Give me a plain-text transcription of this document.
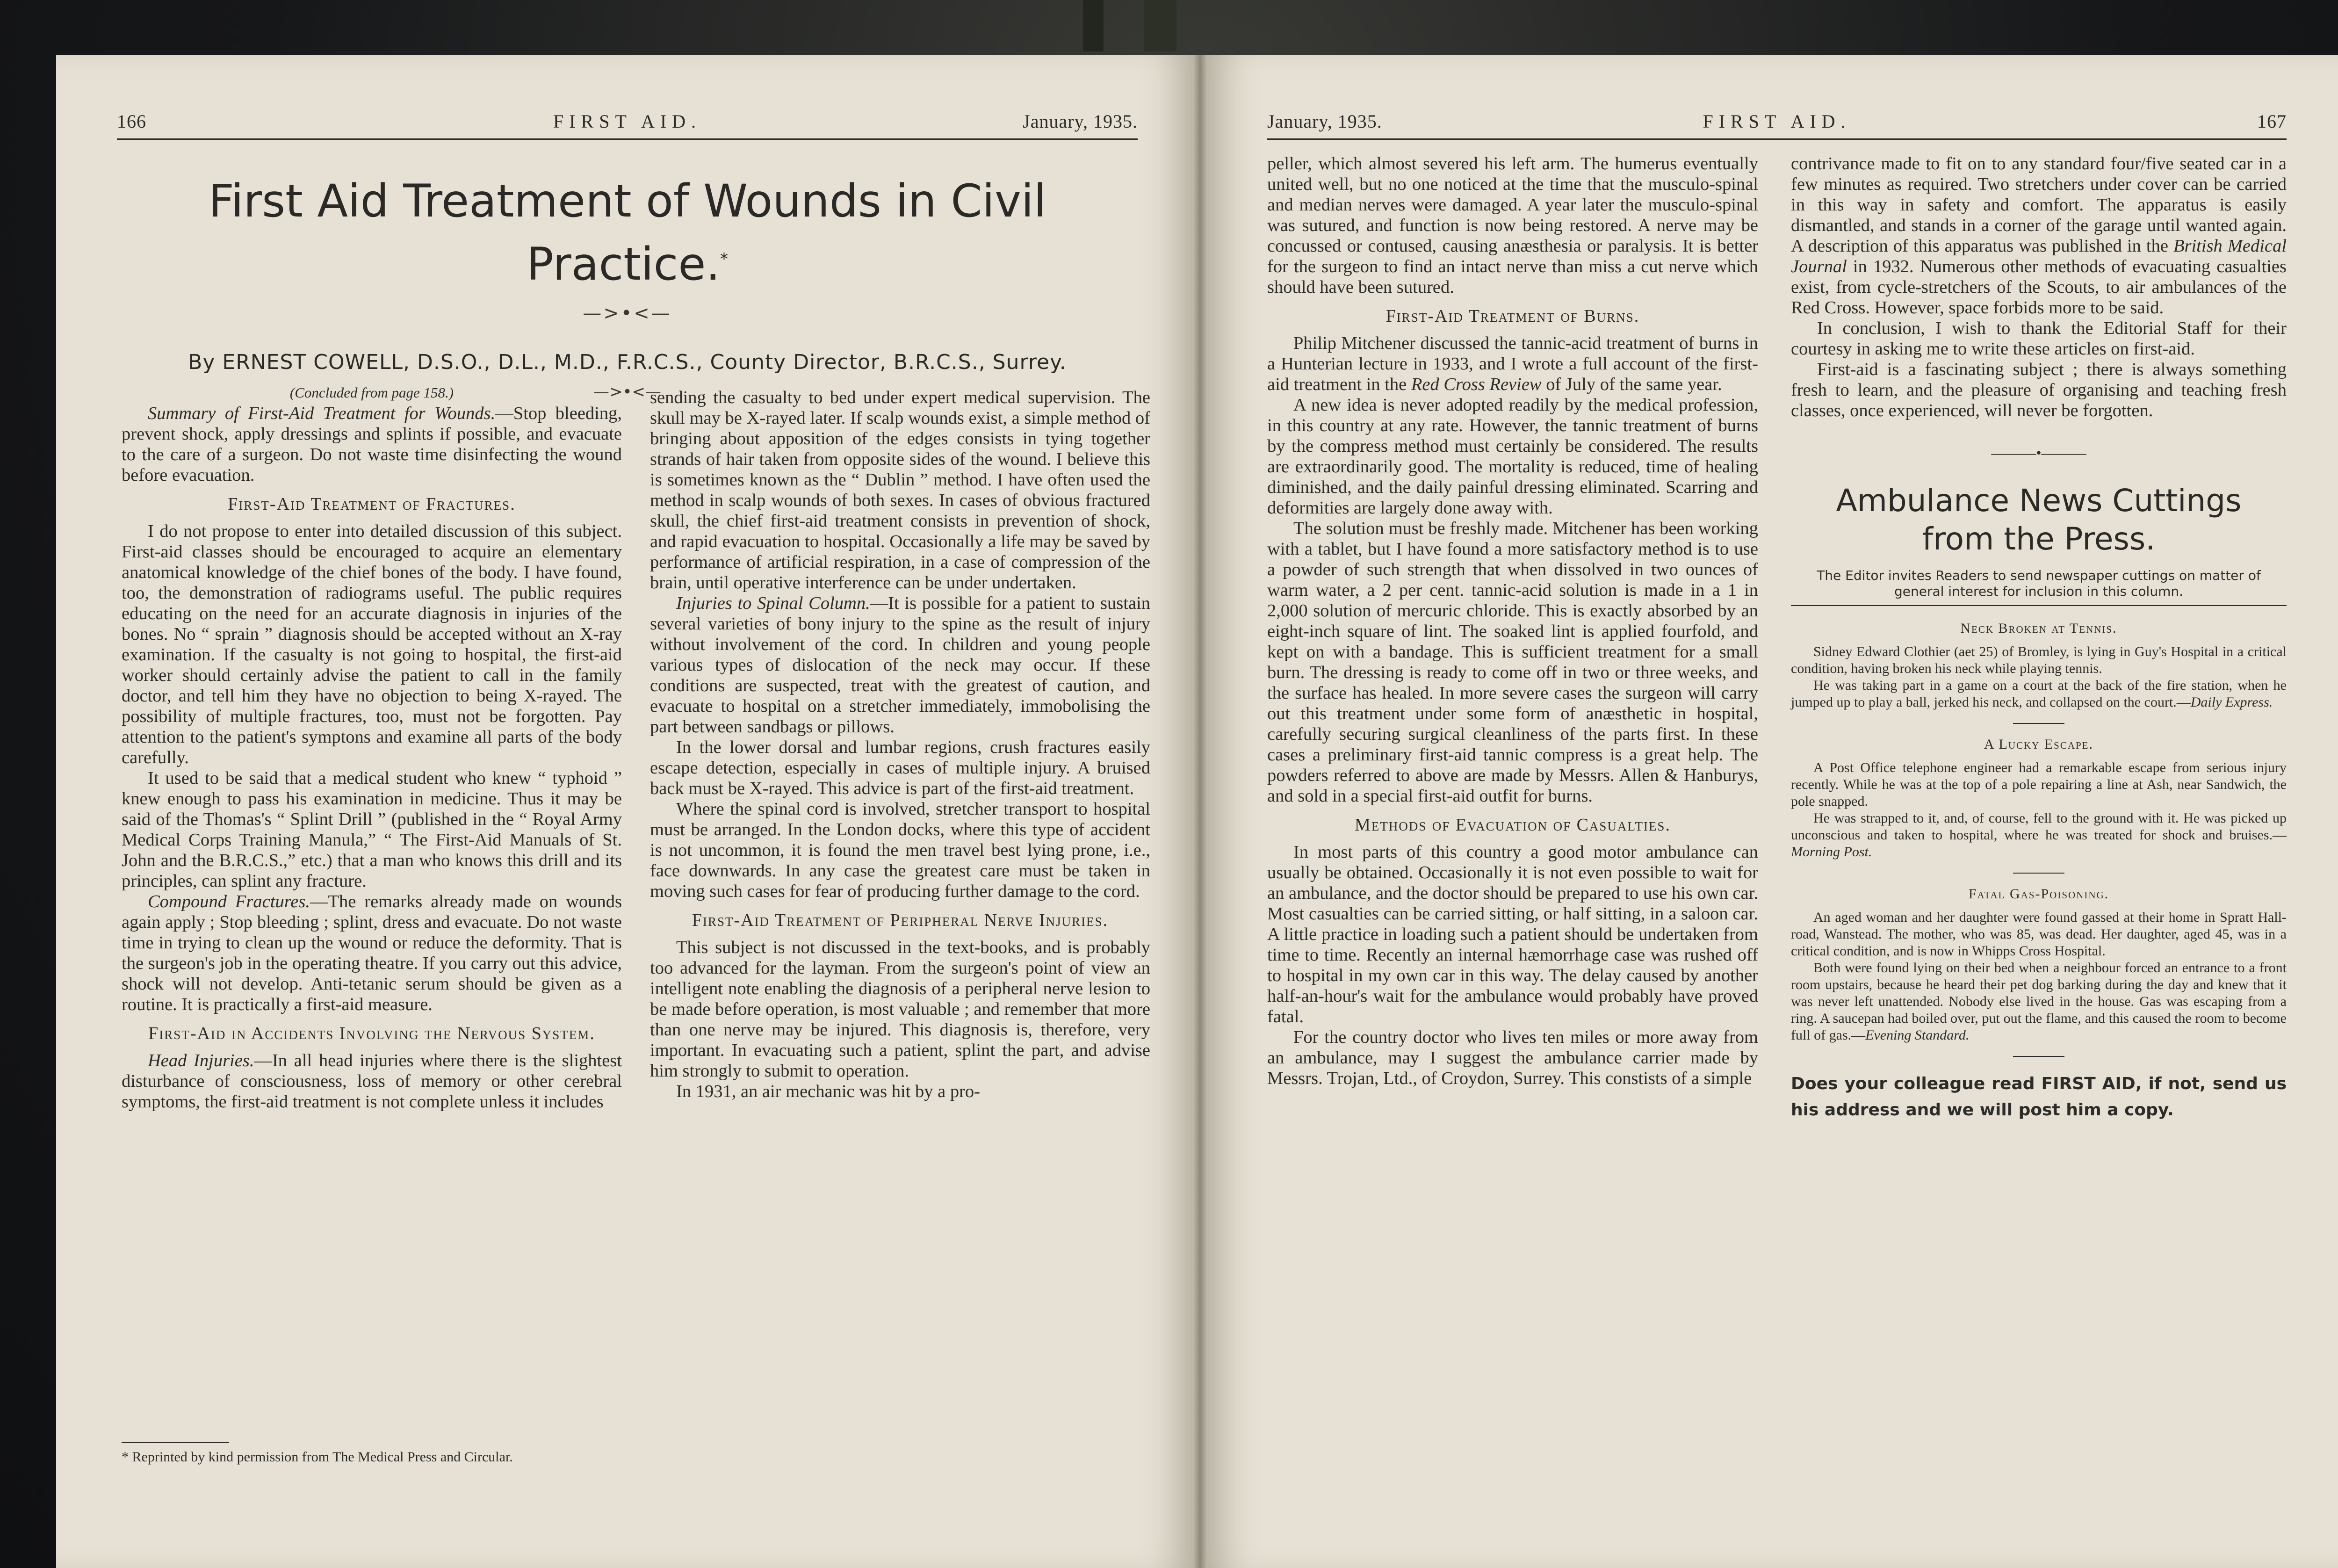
166	FIRST AID.	January, 1935.
First Aid Treatment of Wounds in Civil
Practice.*
—>•<—
By ERNEST COWELL, D.S.O., D.L., M.D., F.R.C.S., County Director, B.R.C.S., Surrey.
—>•<—

(Concluded from page 158.)

Summary of First-Aid Treatment for Wounds.—Stop bleeding, prevent shock, apply dressings and splints if possible, and evacuate to the care of a surgeon. Do not waste time disinfecting the wound before evacuation.

First-Aid Treatment of Fractures.

I do not propose to enter into detailed discussion of this subject. First-aid classes should be encouraged to acquire an elementary anatomical knowledge of the chief bones of the body. I have found, too, the demonstration of radiograms useful. The public requires educating on the need for an accurate diagnosis in injuries of the bones. No “ sprain ” diagnosis should be accepted without an X-ray examination. If the casualty is not going to hospital, the first-aid worker should certainly advise the patient to call in the family doctor, and tell him they have no objection to being X-rayed. The possibility of multiple fractures, too, must not be forgotten. Pay attention to the patient's symptons and examine all parts of the body carefully.

It used to be said that a medical student who knew “ typhoid ” knew enough to pass his examination in medicine. Thus it may be said of the Thomas's “ Splint Drill ” (published in the “ Royal Army Medical Corps Training Manula,” “ The First-Aid Manuals of St. John and the B.R.C.S.,” etc.) that a man who knows this drill and its principles, can splint any fracture.

Compound Fractures.—The remarks already made on wounds again apply ; Stop bleeding ; splint, dress and evacuate. Do not waste time in trying to clean up the wound or reduce the deformity. That is the surgeon's job in the operating theatre. If you carry out this advice, shock will not develop. Anti-tetanic serum should be given as a routine. It is practically a first-aid measure.

First-Aid in Accidents Involving the Nervous System.

Head Injuries.—In all head injuries where there is the slightest disturbance of consciousness, loss of memory or other cerebral symptoms, the first-aid treatment is not complete unless it includes

* Reprinted by kind permission from The Medical Press and Circular.

sending the casualty to bed under expert medical supervision. The skull may be X-rayed later. If scalp wounds exist, a simple method of bringing about apposition of the edges consists in tying together strands of hair taken from opposite sides of the wound. I believe this is sometimes known as the “ Dublin ” method. I have often used the method in scalp wounds of both sexes. In cases of obvious fractured skull, the chief first-aid treatment consists in prevention of shock, and rapid evacuation to hospital. Occasionally a life may be saved by performance of artificial respiration, in a case of compression of the brain, until operative interference can be under undertaken.

Injuries to Spinal Column.—It is possible for a patient to sustain several varieties of bony injury to the spine as the result of injury without involvement of the cord. In children and young people various types of dislocation of the neck may occur. If these conditions are suspected, treat with the greatest of caution, and evacuate to hospital on a stretcher immediately, immobolising the part between sandbags or pillows.

In the lower dorsal and lumbar regions, crush fractures easily escape detection, especially in cases of multiple injury. A bruised back must be X-rayed. This advice is part of the first-aid treatment.

Where the spinal cord is involved, stretcher transport to hospital must be arranged. In the London docks, where this type of accident is not uncommon, it is found the men travel best lying prone, i.e., face downwards. In any case the greatest care must be taken in moving such cases for fear of producing further damage to the cord.

First-Aid Treatment of Peripheral Nerve Injuries.

This subject is not discussed in the text-books, and is probably too advanced for the layman. From the surgeon's point of view an intelligent note enabling the diagnosis of a peripheral nerve lesion to be made before operation, is most valuable ; and remember that more than one nerve may be injured. This diagnosis is, therefore, very important. In evacuating such a patient, splint the part, and advise him strongly to submit to operation.

In 1931, an air mechanic was hit by a pro-

January, 1935.	FIRST AID.	167

peller, which almost severed his left arm. The humerus eventually united well, but no one noticed at the time that the musculo-spinal and median nerves were damaged. A year later the musculo-spinal was sutured, and function is now being restored. A nerve may be concussed or contused, causing anæsthesia or paralysis. It is better for the surgeon to find an intact nerve than miss a cut nerve which should have been sutured.

First-Aid Treatment of Burns.

Philip Mitchener discussed the tannic-acid treatment of burns in a Hunterian lecture in 1933, and I wrote a full account of the first-aid treatment in the Red Cross Review of July of the same year.

A new idea is never adopted readily by the medical profession, in this country at any rate. However, the tannic treatment of burns by the compress method must certainly be considered. The results are extraordinarily good. The mortality is reduced, time of healing diminished, and the daily painful dressing eliminated. Scarring and deformities are largely done away with.

The solution must be freshly made. Mitchener has been working with a tablet, but I have found a more satisfactory method is to use a powder of such strength that when dissolved in two ounces of warm water, a 2 per cent. tannic-acid solution is made in a 1 in 2,000 solution of mercuric chloride. This is exactly absorbed by an eight-inch square of lint. The soaked lint is applied fourfold, and kept on with a bandage. This is sufficient treatment for a small burn. The dressing is ready to come off in two or three weeks, and the surface has healed. In more severe cases the surgeon will carry out this treatment under some form of anæsthetic in hospital, carefully securing surgical cleanliness of the parts first. In these cases a preliminary first-aid tannic compress is a great help. The powders referred to above are made by Messrs. Allen & Hanburys, and sold in a special first-aid outfit for burns.

Methods of Evacuation of Casualties.

In most parts of this country a good motor ambulance can usually be obtained. Occasionally it is not even possible to wait for an ambulance, and the doctor should be prepared to use his own car. Most casualties can be carried sitting, or half sitting, in a saloon car. A little practice in loading such a patient should be undertaken from time to time. Recently an internal hæmorrhage case was rushed off to hospital in my own car in this way. The delay caused by another half-an-hour's wait for the ambulance would probably have proved fatal.

For the country doctor who lives ten miles or more away from an ambulance, may I suggest the ambulance carrier made by Messrs. Trojan, Ltd., of Croydon, Surrey. This constists of a simple

contrivance made to fit on to any standard four/five seated car in a few minutes as required. Two stretchers under cover can be carried in this way in safety and comfort. The apparatus is easily dismantled, and stands in a corner of the garage until wanted again. A description of this apparatus was published in the British Medical Journal in 1932. Numerous other methods of evacuating casualties exist, from cycle-stretchers of the Scouts, to air ambulances of the Red Cross. However, space forbids more to be said.

In conclusion, I wish to thank the Editorial Staff for their courtesy in asking me to write these articles on first-aid.

First-aid is a fascinating subject ; there is always something fresh to learn, and the pleasure of organising and teaching fresh classes, once experienced, will never be forgotten.

———•———
Ambulance News Cuttings
from the Press.

The Editor invites Readers to send newspaper cuttings on matter of general interest for inclusion in this column.

Neck Broken at Tennis.

Sidney Edward Clothier (aet 25) of Bromley, is lying in Guy's Hospital in a critical condition, having broken his neck while playing tennis.

He was taking part in a game on a court at the back of the fire station, when he jumped up to play a ball, jerked his neck, and collapsed on the court.—Daily Express.

A Lucky Escape.

A Post Office telephone engineer had a remarkable escape from serious injury recently. While he was at the top of a pole repairing a line at Ash, near Sandwich, the pole snapped.

He was strapped to it, and, of course, fell to the ground with it. He was picked up unconscious and taken to hospital, where he was treated for shock and bruises.—Morning Post.

Fatal Gas-Poisoning.

An aged woman and her daughter were found gassed at their home in Spratt Hall-road, Wanstead. The mother, who was 85, was dead. Her daughter, aged 45, was in a critical condition, and is now in Whipps Cross Hospital.

Both were found lying on their bed when a neighbour forced an entrance to a front room upstairs, because he heard their pet dog barking during the day and knew that it was never left unattended. Nobody else lived in the house. Gas was escaping from a ring. A saucepan had boiled over, put out the flame, and this caused the room to become full of gas.—Evening Standard.

Does your colleague read FIRST AID, if not, send us his address and we will post him a copy.
